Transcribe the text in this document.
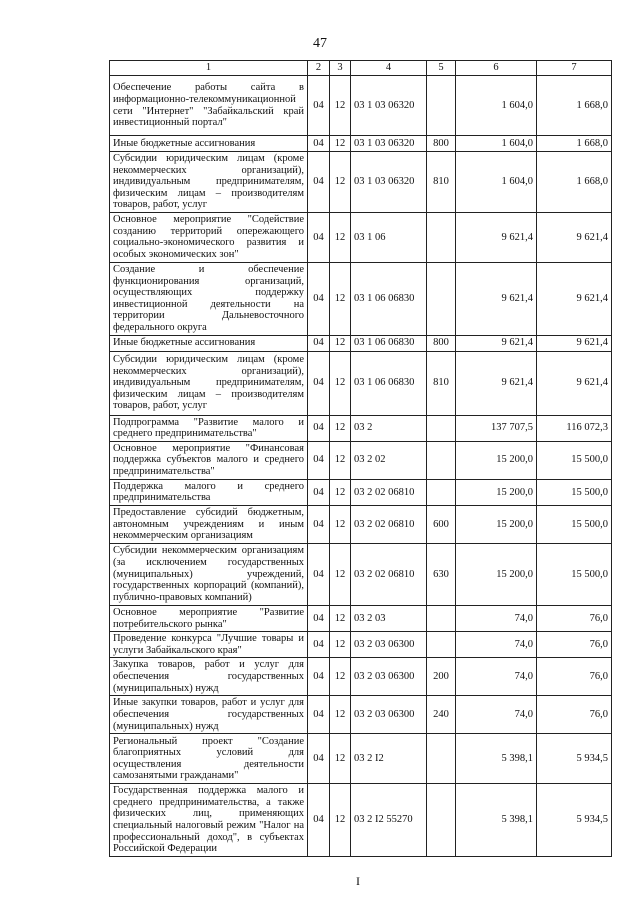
47
1	2	3	4	5	6	7
Обеспечение работы сайта в информационно-телекоммуникационной сети "Интернет" "Забайкальский край инвестиционный портал"	04	12	03 1 03 06320		1 604,0	1 668,0
Иные бюджетные ассигнования	04	12	03 1 03 06320	800	1 604,0	1 668,0
Субсидии юридическим лицам (кроме некоммерческих организаций), индивидуальным предпринимателям, физическим лицам – производителям товаров, работ, услуг	04	12	03 1 03 06320	810	1 604,0	1 668,0
Основное мероприятие "Содействие созданию территорий опережающего социально-экономического развития и особых экономических зон"	04	12	03 1 06		9 621,4	9 621,4
Создание и обеспечение функционирования организаций, осуществляющих поддержку инвестиционной деятельности на территории Дальневосточного федерального округа	04	12	03 1 06 06830		9 621,4	9 621,4
Иные бюджетные ассигнования	04	12	03 1 06 06830	800	9 621,4	9 621,4
Субсидии юридическим лицам (кроме некоммерческих организаций), индивидуальным предпринимателям, физическим лицам – производителям товаров, работ, услуг	04	12	03 1 06 06830	810	9 621,4	9 621,4
Подпрограмма "Развитие малого и среднего предпринимательства"	04	12	03 2		137 707,5	116 072,3
Основное мероприятие "Финансовая поддержка субъектов малого и среднего предпринимательства"	04	12	03 2 02		15 200,0	15 500,0
Поддержка малого и среднего предпринимательства	04	12	03 2 02 06810		15 200,0	15 500,0
Предоставление субсидий бюджетным, автономным учреждениям и иным некоммерческим организациям	04	12	03 2 02 06810	600	15 200,0	15 500,0
Субсидии некоммерческим организациям (за исключением государственных (муниципальных) учреждений, государственных корпораций (компаний), публично-правовых компаний)	04	12	03 2 02 06810	630	15 200,0	15 500,0
Основное мероприятие "Развитие потребительского рынка"	04	12	03 2 03		74,0	76,0
Проведение конкурса "Лучшие товары и услуги Забайкальского края"	04	12	03 2 03 06300		74,0	76,0
Закупка товаров, работ и услуг для обеспечения государственных (муниципальных) нужд	04	12	03 2 03 06300	200	74,0	76,0
Иные закупки товаров, работ и услуг для обеспечения государственных (муниципальных) нужд	04	12	03 2 03 06300	240	74,0	76,0
Региональный проект "Создание благоприятных условий для осуществления деятельности самозанятыми гражданами"	04	12	03 2 I2		5 398,1	5 934,5
Государственная поддержка малого и среднего предпринимательства, а также физических лиц, применяющих специальный налоговый режим "Налог на профессиональный доход", в субъектах Российской Федерации	04	12	03 2 I2 55270		5 398,1	5 934,5
I
